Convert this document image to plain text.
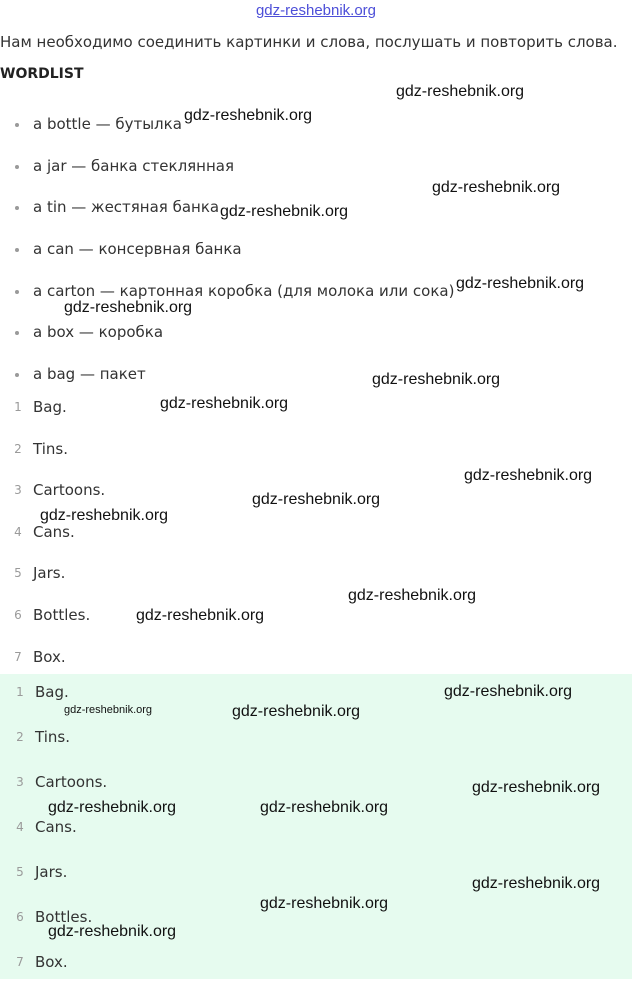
gdz-reshebnik.org
Нам необходимо соединить картинки и слова, послушать и повторить слова.
WORDLIST
a bottle — бутылка
a jar — банка стеклянная
a tin — жестяная банка
a can — консервная банка
a carton — картонная коробка (для молока или сока)
a box — коробка
a bag — пакет
1 Bag.
2 Tins.
3 Cartoons.
4 Cans.
5 Jars.
6 Bottles.
7 Box.
1 Bag.
2 Tins.
3 Cartoons.
4 Cans.
5 Jars.
6 Bottles.
7 Box.
gdz-reshebnik.org
gdz-reshebnik.org
gdz-reshebnik.org
gdz-reshebnik.org
gdz-reshebnik.org
gdz-reshebnik.org
gdz-reshebnik.org
gdz-reshebnik.org
gdz-reshebnik.org
gdz-reshebnik.org
gdz-reshebnik.org
gdz-reshebnik.org
gdz-reshebnik.org
gdz-reshebnik.org
gdz-reshebnik.org	gdz-reshebnik.org
gdz-reshebnik.org
gdz-reshebnik.org	gdz-reshebnik.org
gdz-reshebnik.org
gdz-reshebnik.org
gdz-reshebnik.org
